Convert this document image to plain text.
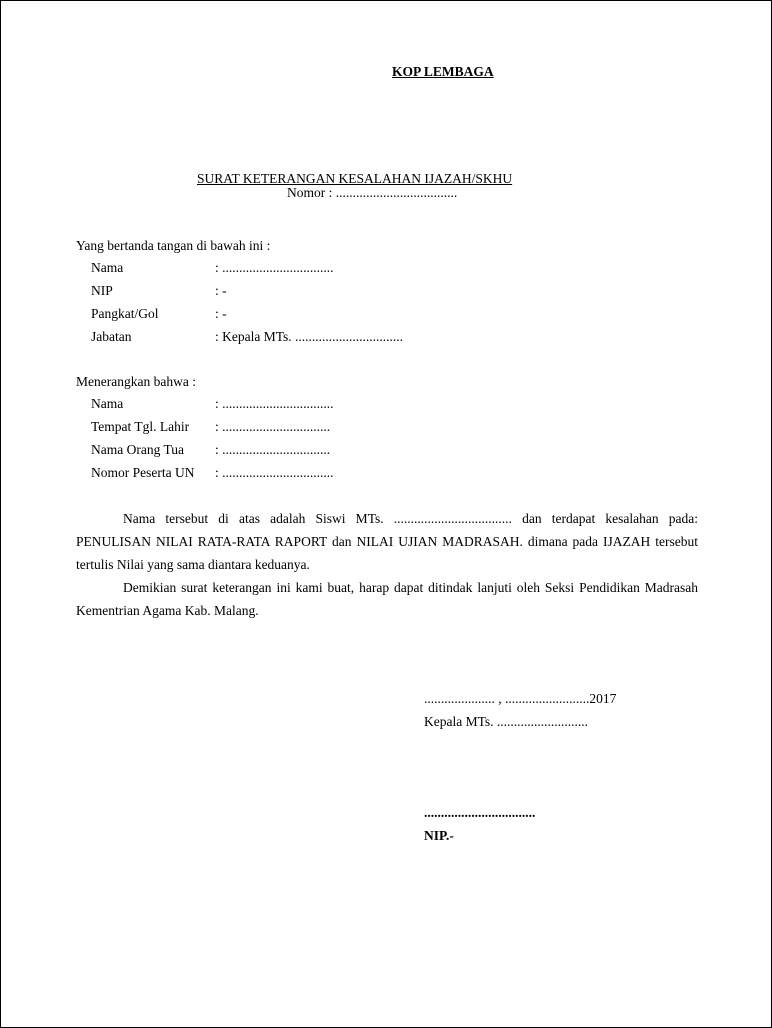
KOP LEMBAGA
SURAT KETERANGAN KESALAHAN IJAZAH/SKHU
Nomor : ....................................
Yang bertanda tangan di bawah ini :
Nama	: .................................
NIP	: -
Pangkat/Gol	: -
Jabatan	: Kepala MTs. ................................
Menerangkan bahwa :
Nama	: .................................
Tempat Tgl. Lahir : ................................
Nama Orang Tua : ................................
Nomor Peserta UN : .................................

Nama tersebut di atas adalah Siswi MTs. ................................... dan terdapat kesalahan pada: PENULISAN NILAI RATA-RATA RAPORT dan NILAI UJIAN MADRASAH. dimana pada IJAZAH tersebut tertulis Nilai yang sama diantara keduanya.

Demikian surat keterangan ini kami buat, harap dapat ditindak lanjuti oleh Seksi Pendidikan Madrasah Kementrian Agama Kab. Malang.

..................... , .........................2017
Kepala MTs. ...........................
.................................
NIP.-
